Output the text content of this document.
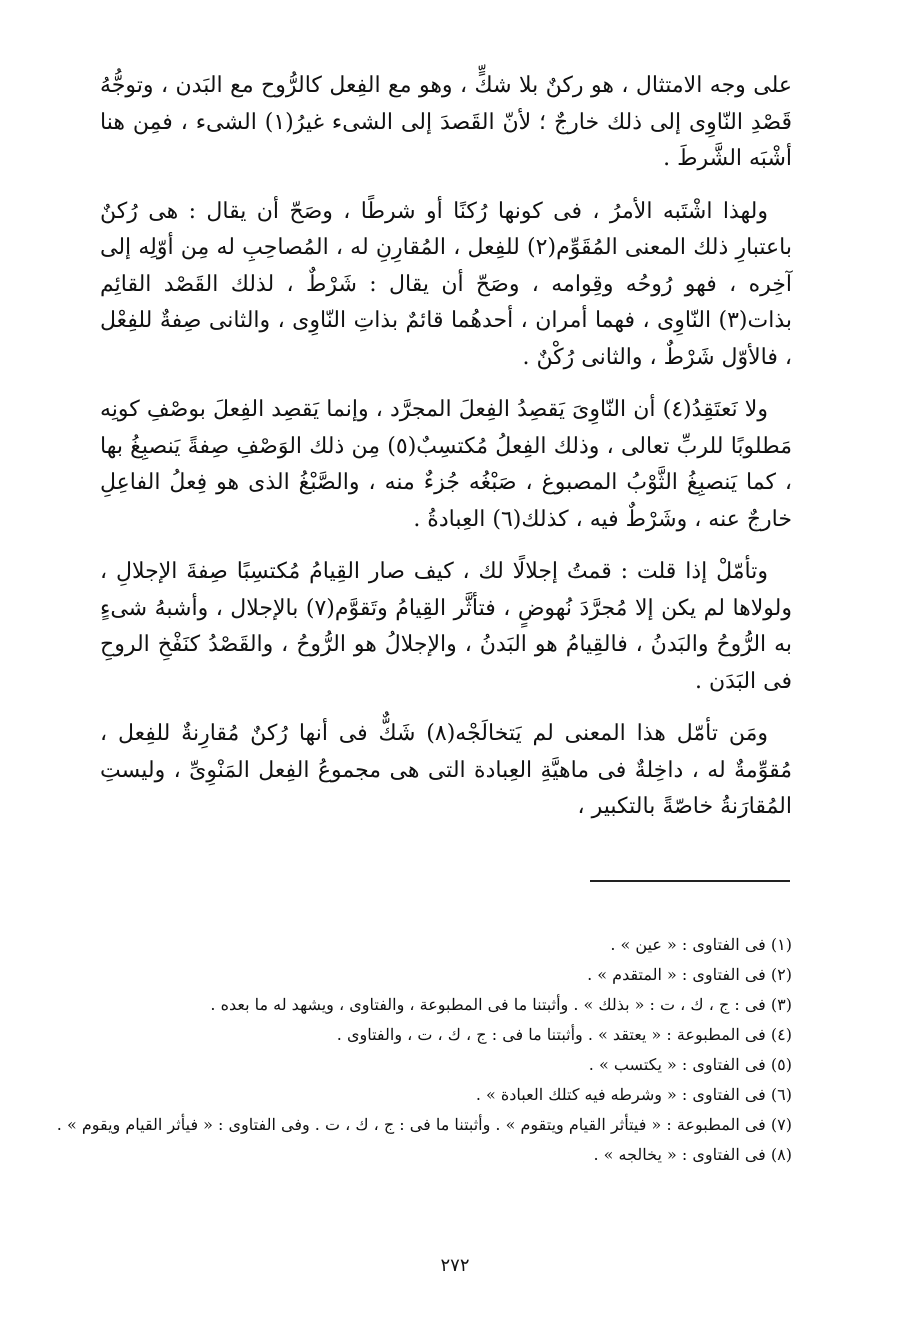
على وجه الامتثال ، هو ركنٌ بلا شكٍّ ، وهو مع الفِعل كالرُّوح مع البَدن ، وتوجُّهُ قَصْدِ النّاوِى إلى ذلك خارجٌ ؛ لأنّ القَصدَ إلى الشىء غيرُ(١) الشىء ، فمِن هنا أشْبَه الشَّرطَ .

ولهذا اشْتَبه الأمرُ ، فى كونها رُكنًا أو شرطًا ، وصَحّ أن يقال : هى رُكنٌ باعتبارِ ذلك المعنى المُقَوِّم(٢) للفِعل ، المُقارِنِ له ، المُصاحِبِ له مِن أوّلِه إلى آخِره ، فهو رُوحُه وقِوامه ، وصَحّ أن يقال : شَرْطٌ ، لذلك القَصْد القائِم بذات(٣) النّاوِى ، فهما أمران ، أحدهُما قائمٌ بذاتِ النّاوِى ، والثانى صِفةٌ للفِعْل ، فالأوّل شَرْطٌ ، والثانى رُكْنٌ .

ولا نَعتَقِدُ(٤) أن النّاوِىَ يَقصِدُ الفِعلَ المجرَّد ، وإنما يَقصِد الفِعلَ بوصْفِ كونِه مَطلوبًا للربِّ تعالى ، وذلك الفِعلُ مُكتسِبٌ(٥) مِن ذلك الوَصْفِ صِفةً يَنصبِغُ بها ، كما يَنصبِغُ الثَّوْبُ المصبوغ ، صَبْغُه جُزءٌ منه ، والصَّبْغُ الذى هو فِعلُ الفاعِلِ خارجٌ عنه ، وشَرْطٌ فيه ، كذلك(٦) العِبادةُ .

وتأمّلْ إذا قلت : قمتُ إجلالًا لك ، كيف صار القِيامُ مُكتسِبًا صِفةَ الإجلالِ ، ولولاها لم يكن إلا مُجرَّدَ نُهوضٍ ، فتأثَّر القِيامُ وتَقوَّم(٧) بالإجلال ، وأشبهُ شىءٍ به الرُّوحُ والبَدنُ ، فالقِيامُ هو البَدنُ ، والإجلالُ هو الرُّوحُ ، والقَصْدُ كنَفْخِ الروحِ فى البَدَن .

ومَن تأمّل هذا المعنى لم يَتخالَجْه(٨) شَكٌّ فى أنها رُكنٌ مُقارِنةٌ للفِعل ، مُقوِّمةٌ له ، داخِلةٌ فى ماهيَّةِ العِبادة التى هى مجموعُ الفِعل المَنْوِىِّ ، وليستِ المُقارَنةُ خاصّةً بالتكبير ،

(١) فى الفتاوى : « عين » .
(٢) فى الفتاوى : « المتقدم » .
(٣) فى : ج ، ك ، ت : « بذلك » . وأثبتنا ما فى المطبوعة ، والفتاوى ، ويشهد له ما بعده .
(٤) فى المطبوعة : « يعتقد » . وأثبتنا ما فى : ج ، ك ، ت ، والفتاوى .
(٥) فى الفتاوى : « يكتسب » .
(٦) فى الفتاوى : « وشرطه فيه كتلك العبادة » .
(٧) فى المطبوعة : « فيتأثر القيام ويتقوم » . وأثبتنا ما فى : ج ، ك ، ت . وفى الفتاوى : « فيأثر القيام ويقوم » .
(٨) فى الفتاوى : « يخالجه » .
٢٧٢
